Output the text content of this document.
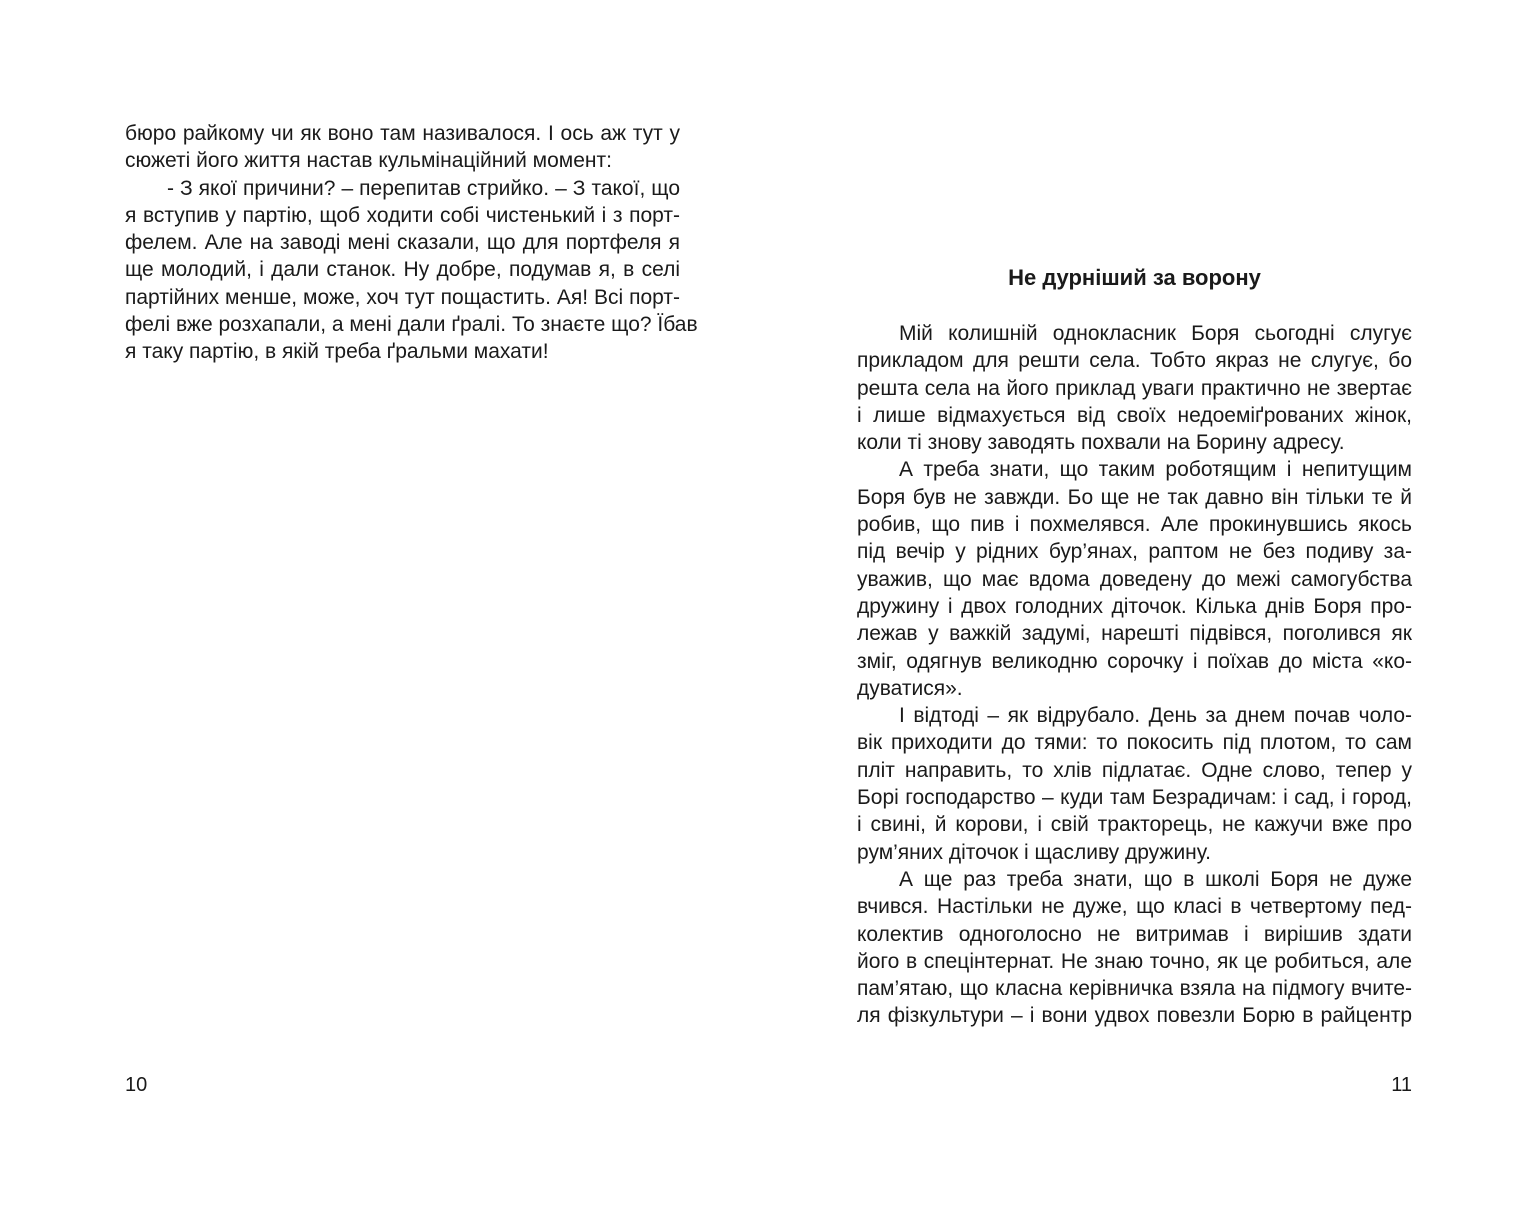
бюро райкому чи як воно там називалося. І ось аж тут у
сюжеті його життя настав кульмінаційний момент:
- З якої причини? – перепитав стрийко. – З такої, що
я вступив у партію, щоб ходити собі чистенький і з порт-
фелем. Але на заводі мені сказали, що для портфеля я
ще молодий, і дали станок. Ну добре, подумав я, в селі
партійних менше, може, хоч тут пощастить. Ая! Всі порт-
фелі вже розхапали, а мені дали ґралі. То знаєте що? Їбав
я таку партію, в якій треба ґральми махати!
10
Не дурніший за ворону
Мій колишній однокласник Боря сьогодні слугує
прикладом для решти села. Тобто якраз не слугує, бо
решта села на його приклад уваги практично не звертає
і лише відмахується від своїх недоеміґрованих жінок,
коли ті знову заводять похвали на Борину адресу.
А треба знати, що таким роботящим і непитущим
Боря був не завжди. Бо ще не так давно він тільки те й
робив, що пив і похмелявся. Але прокинувшись якось
під вечір у рідних бур’янах, раптом не без подиву за-
уважив, що має вдома доведену до межі самогубства
дружину і двох голодних діточок. Кілька днів Боря про-
лежав у важкій задумі, нарешті підвівся, поголився як
зміг, одягнув великодню сорочку і поїхав до міста «ко-
дуватися».
І відтоді – як відрубало. День за днем почав чоло-
вік приходити до тями: то покосить під плотом, то сам
пліт направить, то хлів підлатає. Одне слово, тепер у
Борі господарство – куди там Безрадичам: і сад, і город,
і свині, й корови, і свій тракторець, не кажучи вже про
рум’яних діточок і щасливу дружину.
А ще раз треба знати, що в школі Боря не дуже
вчився. Настільки не дуже, що класі в четвертому пед-
колектив одноголосно не витримав і вирішив здати
його в спецінтернат. Не знаю точно, як це робиться, але
пам’ятаю, що класна керівничка взяла на підмогу вчите-
ля фізкультури – і вони удвох повезли Борю в райцентр
11
